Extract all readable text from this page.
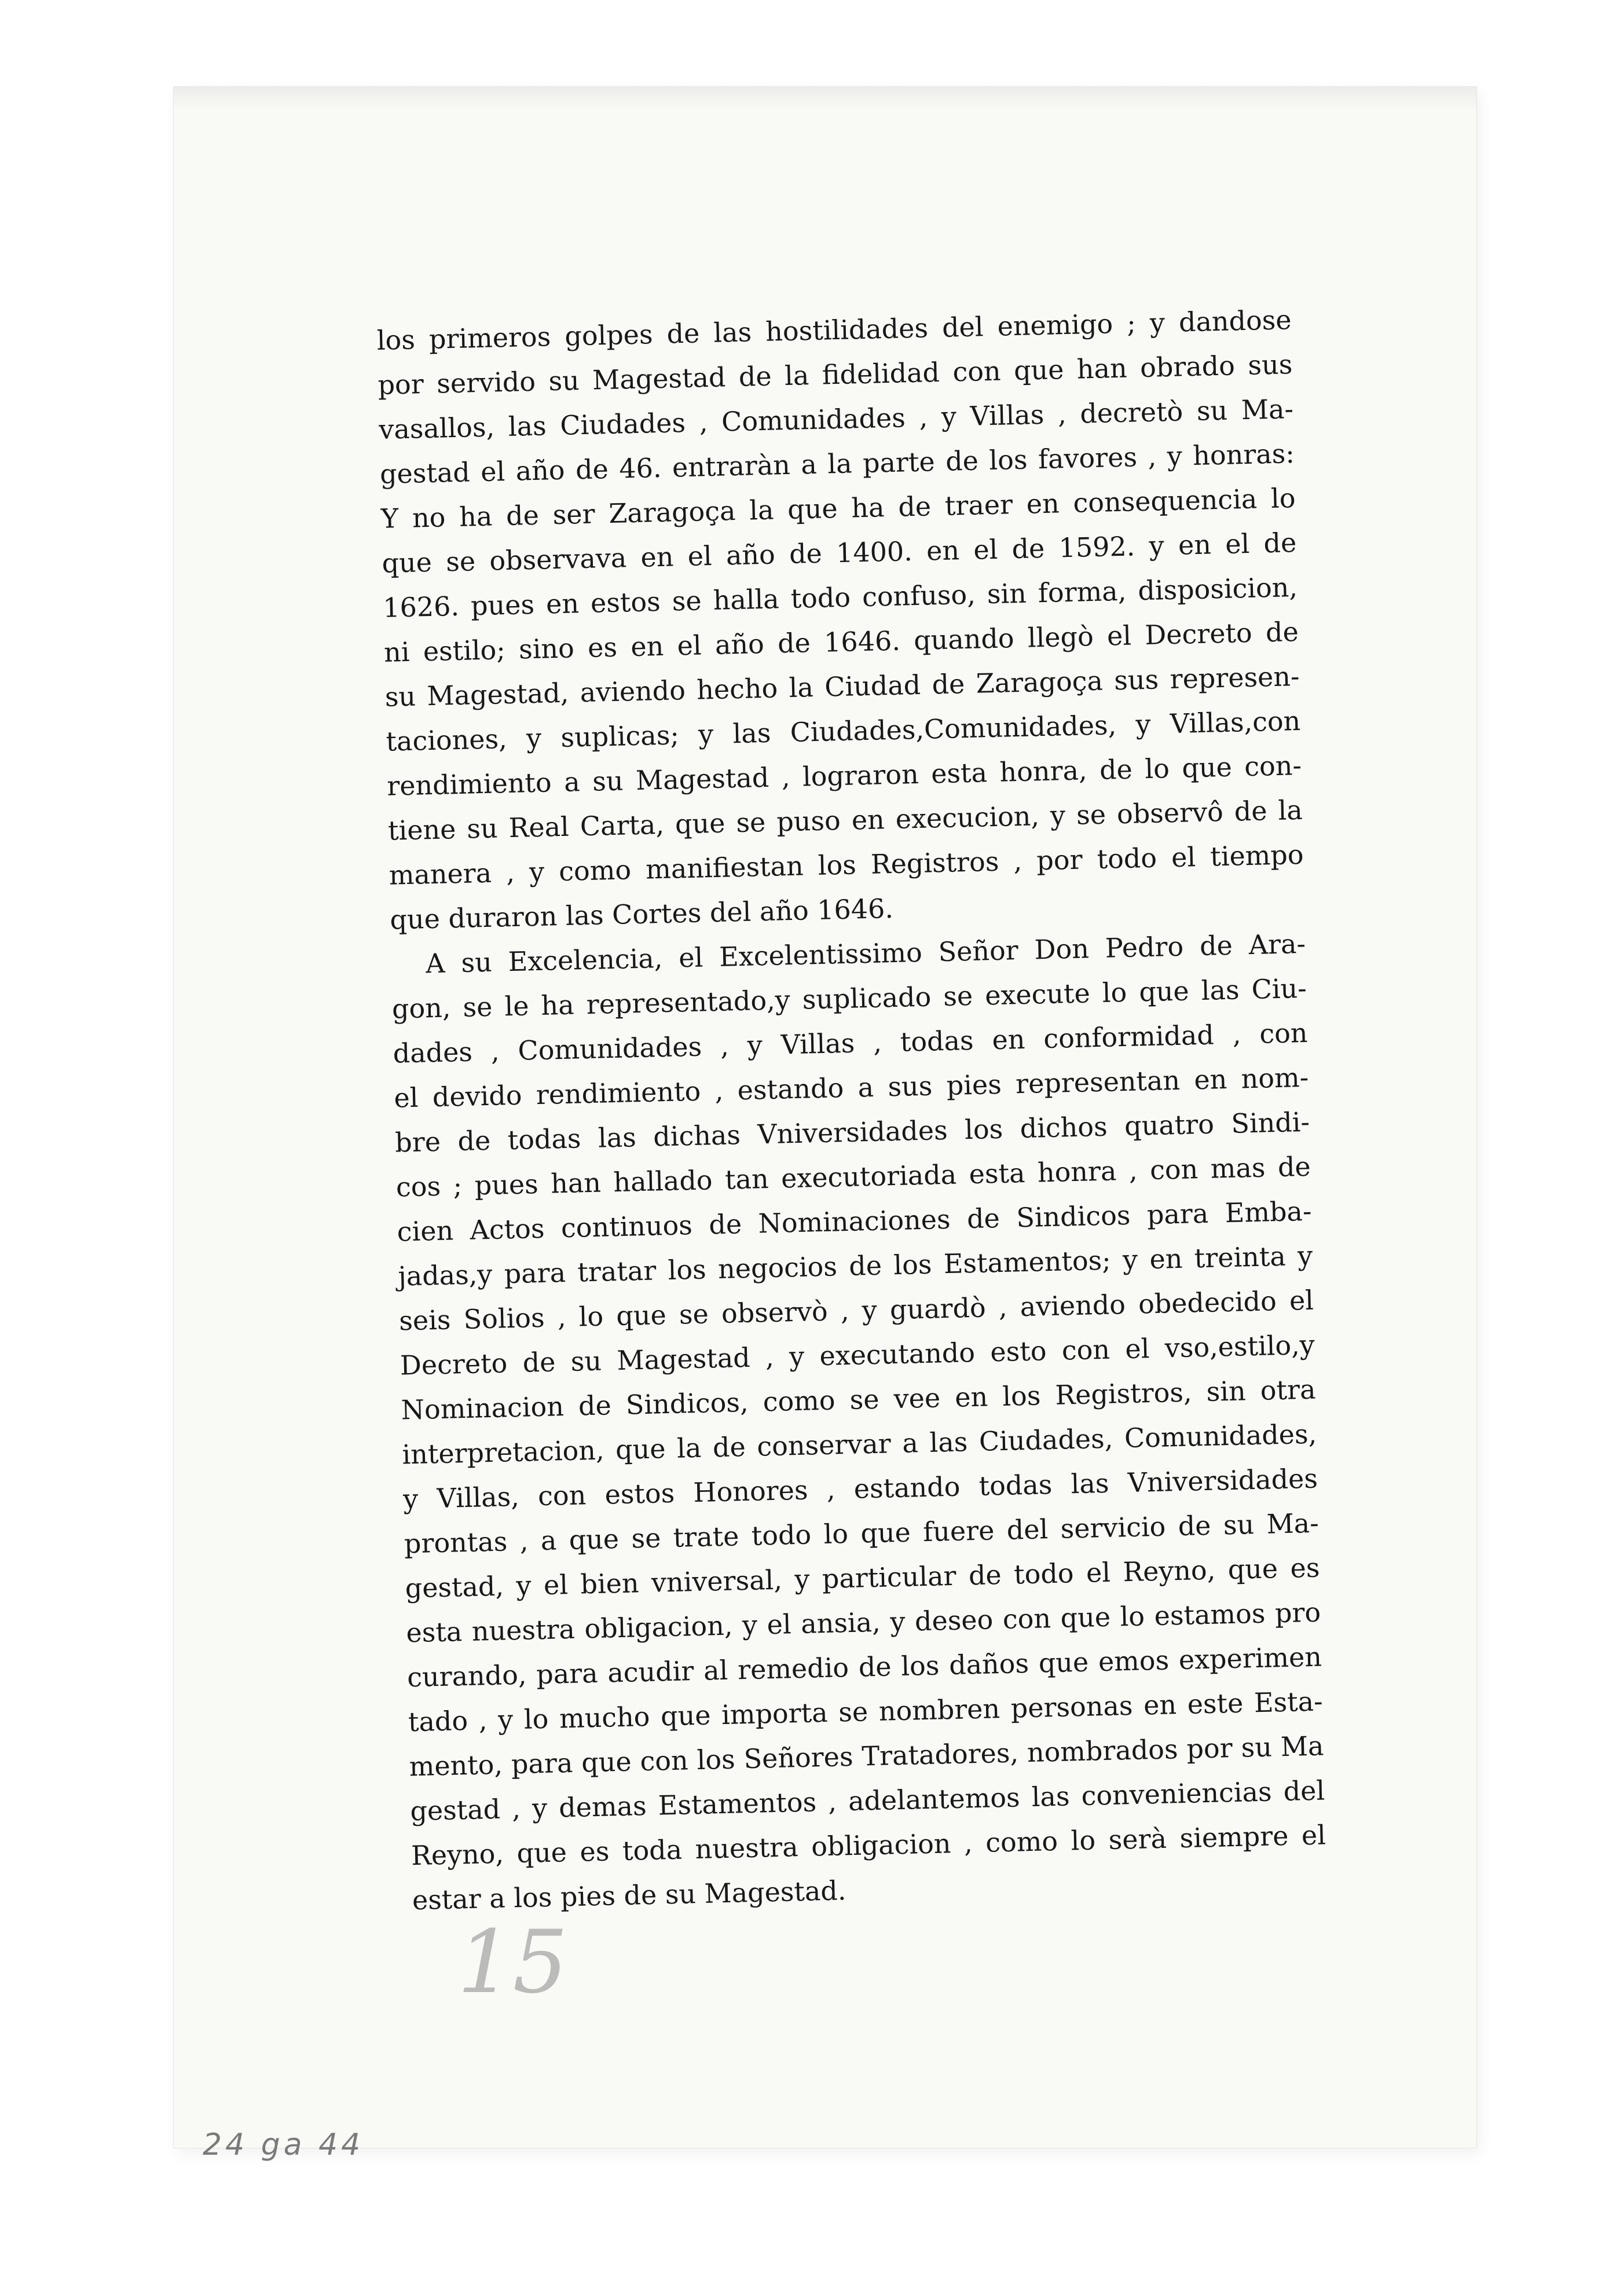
los primeros golpes de las hostilidades del enemigo ; y dandose
por servido su Magestad de la fidelidad con que han obrado sus
vasallos, las Ciudades , Comunidades , y Villas , decretò su Ma-
gestad el año de 46. entraràn a la parte de los favores , y honras:
Y no ha de ser Zaragoça la que ha de traer en consequencia lo
que se observava en el año de 1400. en el de 1592. y en el de
1626. pues en estos se halla todo confuso, sin forma, disposicion,
ni estilo; sino es en el año de 1646. quando llegò el Decreto de
su Magestad, aviendo hecho la Ciudad de Zaragoça sus represen-
taciones, y suplicas; y las Ciudades,Comunidades, y Villas,con
rendimiento a su Magestad , lograron esta honra, de lo que con-
tiene su Real Carta, que se puso en execucion, y se observô de la
manera , y como manifiestan los Registros , por todo el tiempo
que duraron las Cortes del año 1646.
A su Excelencia, el Excelentissimo Señor Don Pedro de Ara-
gon, se le ha representado,y suplicado se execute lo que las Ciu-
dades , Comunidades , y Villas , todas en conformidad , con
el devido rendimiento , estando a sus pies representan en nom-
bre de todas las dichas Vniversidades los dichos quatro Sindi-
cos ; pues han hallado tan executoriada esta honra , con mas de
cien Actos continuos de Nominaciones de Sindicos para Emba-
jadas,y para tratar los negocios de los Estamentos; y en treinta y
seis Solios , lo que se observò , y guardò , aviendo obedecido el
Decreto de su Magestad , y executando esto con el vso,estilo,y
Nominacion de Sindicos, como se vee en los Registros, sin otra
interpretacion, que la de conservar a las Ciudades, Comunidades,
y Villas, con estos Honores , estando todas las Vniversidades
prontas , a que se trate todo lo que fuere del servicio de su Ma-
gestad, y el bien vniversal, y particular de todo el Reyno, que es
esta nuestra obligacion, y el ansia, y deseo con que lo estamos pro
curando, para acudir al remedio de los daños que emos experimen
tado , y lo mucho que importa se nombren personas en este Esta-
mento, para que con los Señores Tratadores, nombrados por su Ma
gestad , y demas Estamentos , adelantemos las conveniencias del
Reyno, que es toda nuestra obligacion , como lo serà siempre el
estar a los pies de su Magestad.
15
24 ga 44
